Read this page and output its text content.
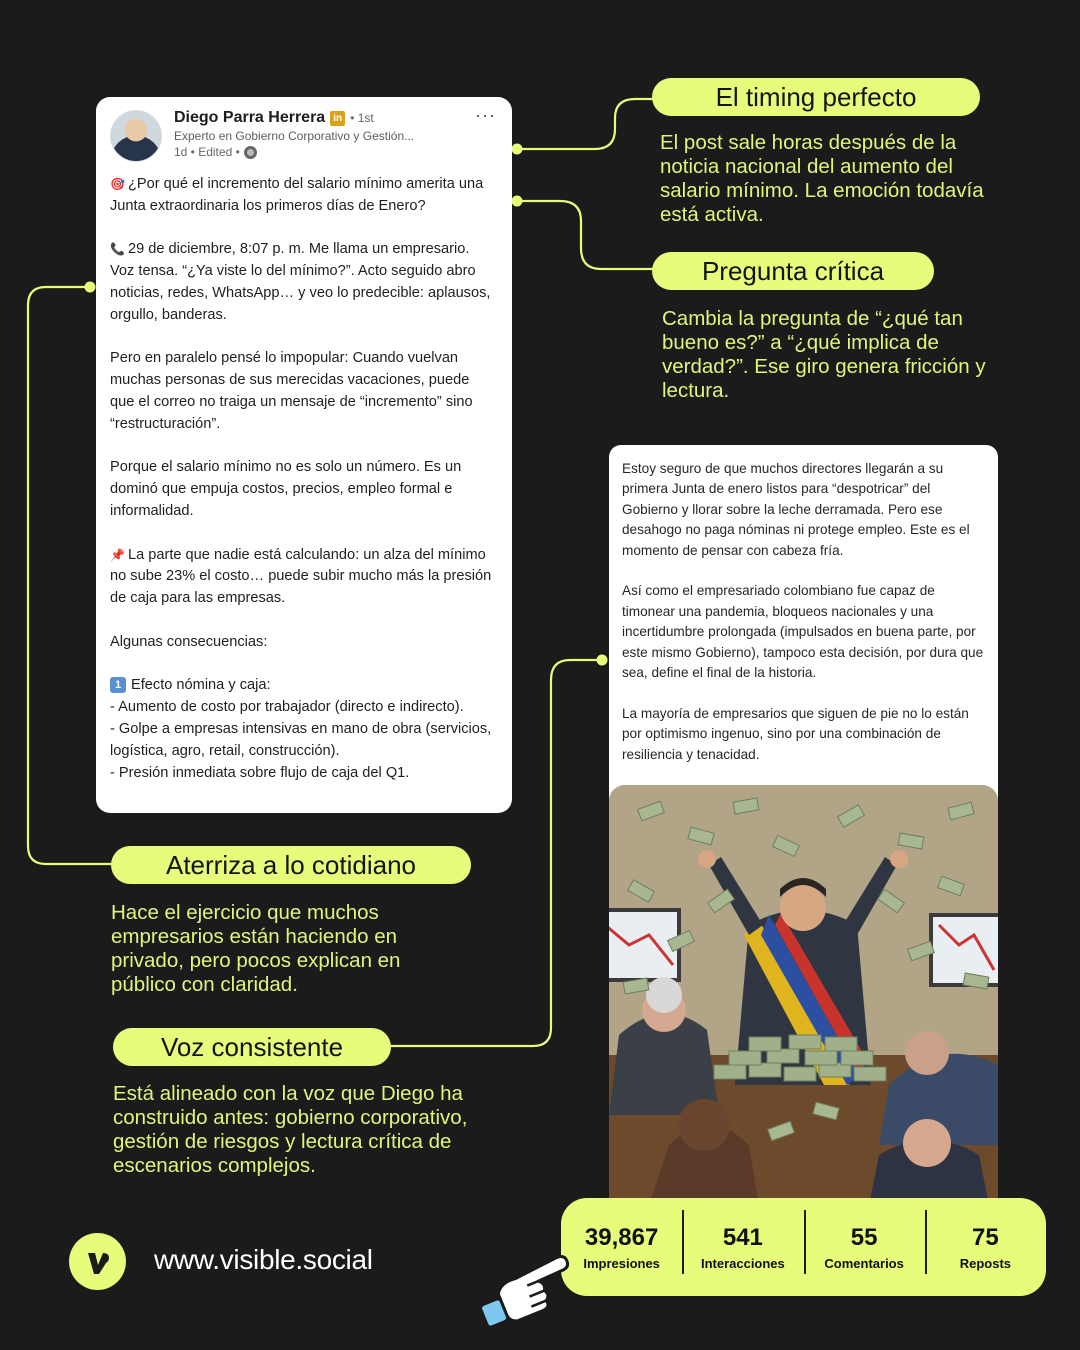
Diego Parra Herrera in • 1st
Experto en Gobierno Corporativo y Gestión...
1d • Edited •
···

🎯 ¿Por qué el incremento del salario mínimo amerita una Junta extraordinaria los primeros días de Enero?

📞 29 de diciembre, 8:07 p. m. Me llama un empresario. Voz tensa. “¿Ya viste lo del mínimo?”. Acto seguido abro noticias, redes, WhatsApp… y veo lo predecible: aplausos, orgullo, banderas.

Pero en paralelo pensé lo impopular: Cuando vuelvan muchas personas de sus merecidas vacaciones, puede que el correo no traiga un mensaje de “incremento” sino “restructuración”.

Porque el salario mínimo no es solo un número. Es un dominó que empuja costos, precios, empleo formal e informalidad.

📌 La parte que nadie está calculando: un alza del mínimo no sube 23% el costo… puede subir mucho más la presión de caja para las empresas.

Algunas consecuencias:

1 Efecto nómina y caja:

- Aumento de costo por trabajador (directo e indirecto).

- Golpe a empresas intensivas en mano de obra (servicios, logística, agro, retail, construcción).

- Presión inmediata sobre flujo de caja del Q1.

Estoy seguro de que muchos directores llegarán a su primera Junta de enero listos para “despotricar” del Gobierno y llorar sobre la leche derramada. Pero ese desahogo no paga nóminas ni protege empleo. Este es el momento de pensar con cabeza fría.

Así como el empresariado colombiano fue capaz de timonear una pandemia, bloqueos nacionales y una incertidumbre prolongada (impulsados en buena parte, por este mismo Gobierno), tampoco esta decisión, por dura que sea, define el final de la historia.

La mayoría de empresarios que siguen de pie no lo están por optimismo ingenuo, sino por una combinación de resiliencia y tenacidad.

El timing perfecto
El post sale horas después de la noticia nacional del aumento del salario mínimo. La emoción todavía está activa.
Pregunta crítica
Cambia la pregunta de “¿qué tan bueno es?” a “¿qué implica de verdad?”. Ese giro genera fricción y lectura.
Aterriza a lo cotidiano
Hace el ejercicio que muchos empresarios están haciendo en privado, pero pocos explican en público con claridad.
Voz consistente
Está alineado con la voz que Diego ha construido antes: gobierno corporativo, gestión de riesgos y lectura crítica de escenarios complejos.
39,867
Impresiones
541
Interacciones
55
Comentarios
75
Reposts
www.visible.social
